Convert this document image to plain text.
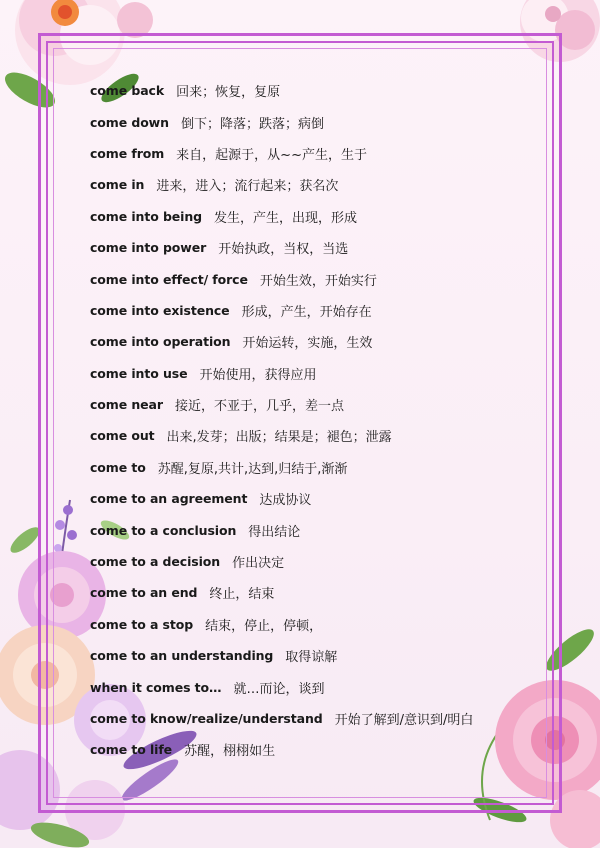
come back 回来；恢复，复原
come down 倒下；降落；跌落；病倒
come from 来自，起源于，从~~产生，生于
come in 进来，进入；流行起来；获名次
come into being 发生，产生，出现，形成
come into power 开始执政，当权，当选
come into effect/ force 开始生效，开始实行
come into existence 形成，产生，开始存在
come into operation 开始运转，实施，生效
come into use 开始使用，获得应用
come near 接近，不亚于，几乎，差一点
come out 出来,发芽；出版；结果是；褪色；泄露
come to 苏醒,复原,共计,达到,归结于,渐渐
come to an agreement 达成协议
come to a conclusion 得出结论
come to a decision 作出决定
come to an end 终止，结束
come to a stop 结束，停止，停顿，
come to an understanding 取得谅解
when it comes to… 就…而论，谈到
come to know/realize/understand 开始了解到/意识到/明白
come to life 苏醒，栩栩如生
